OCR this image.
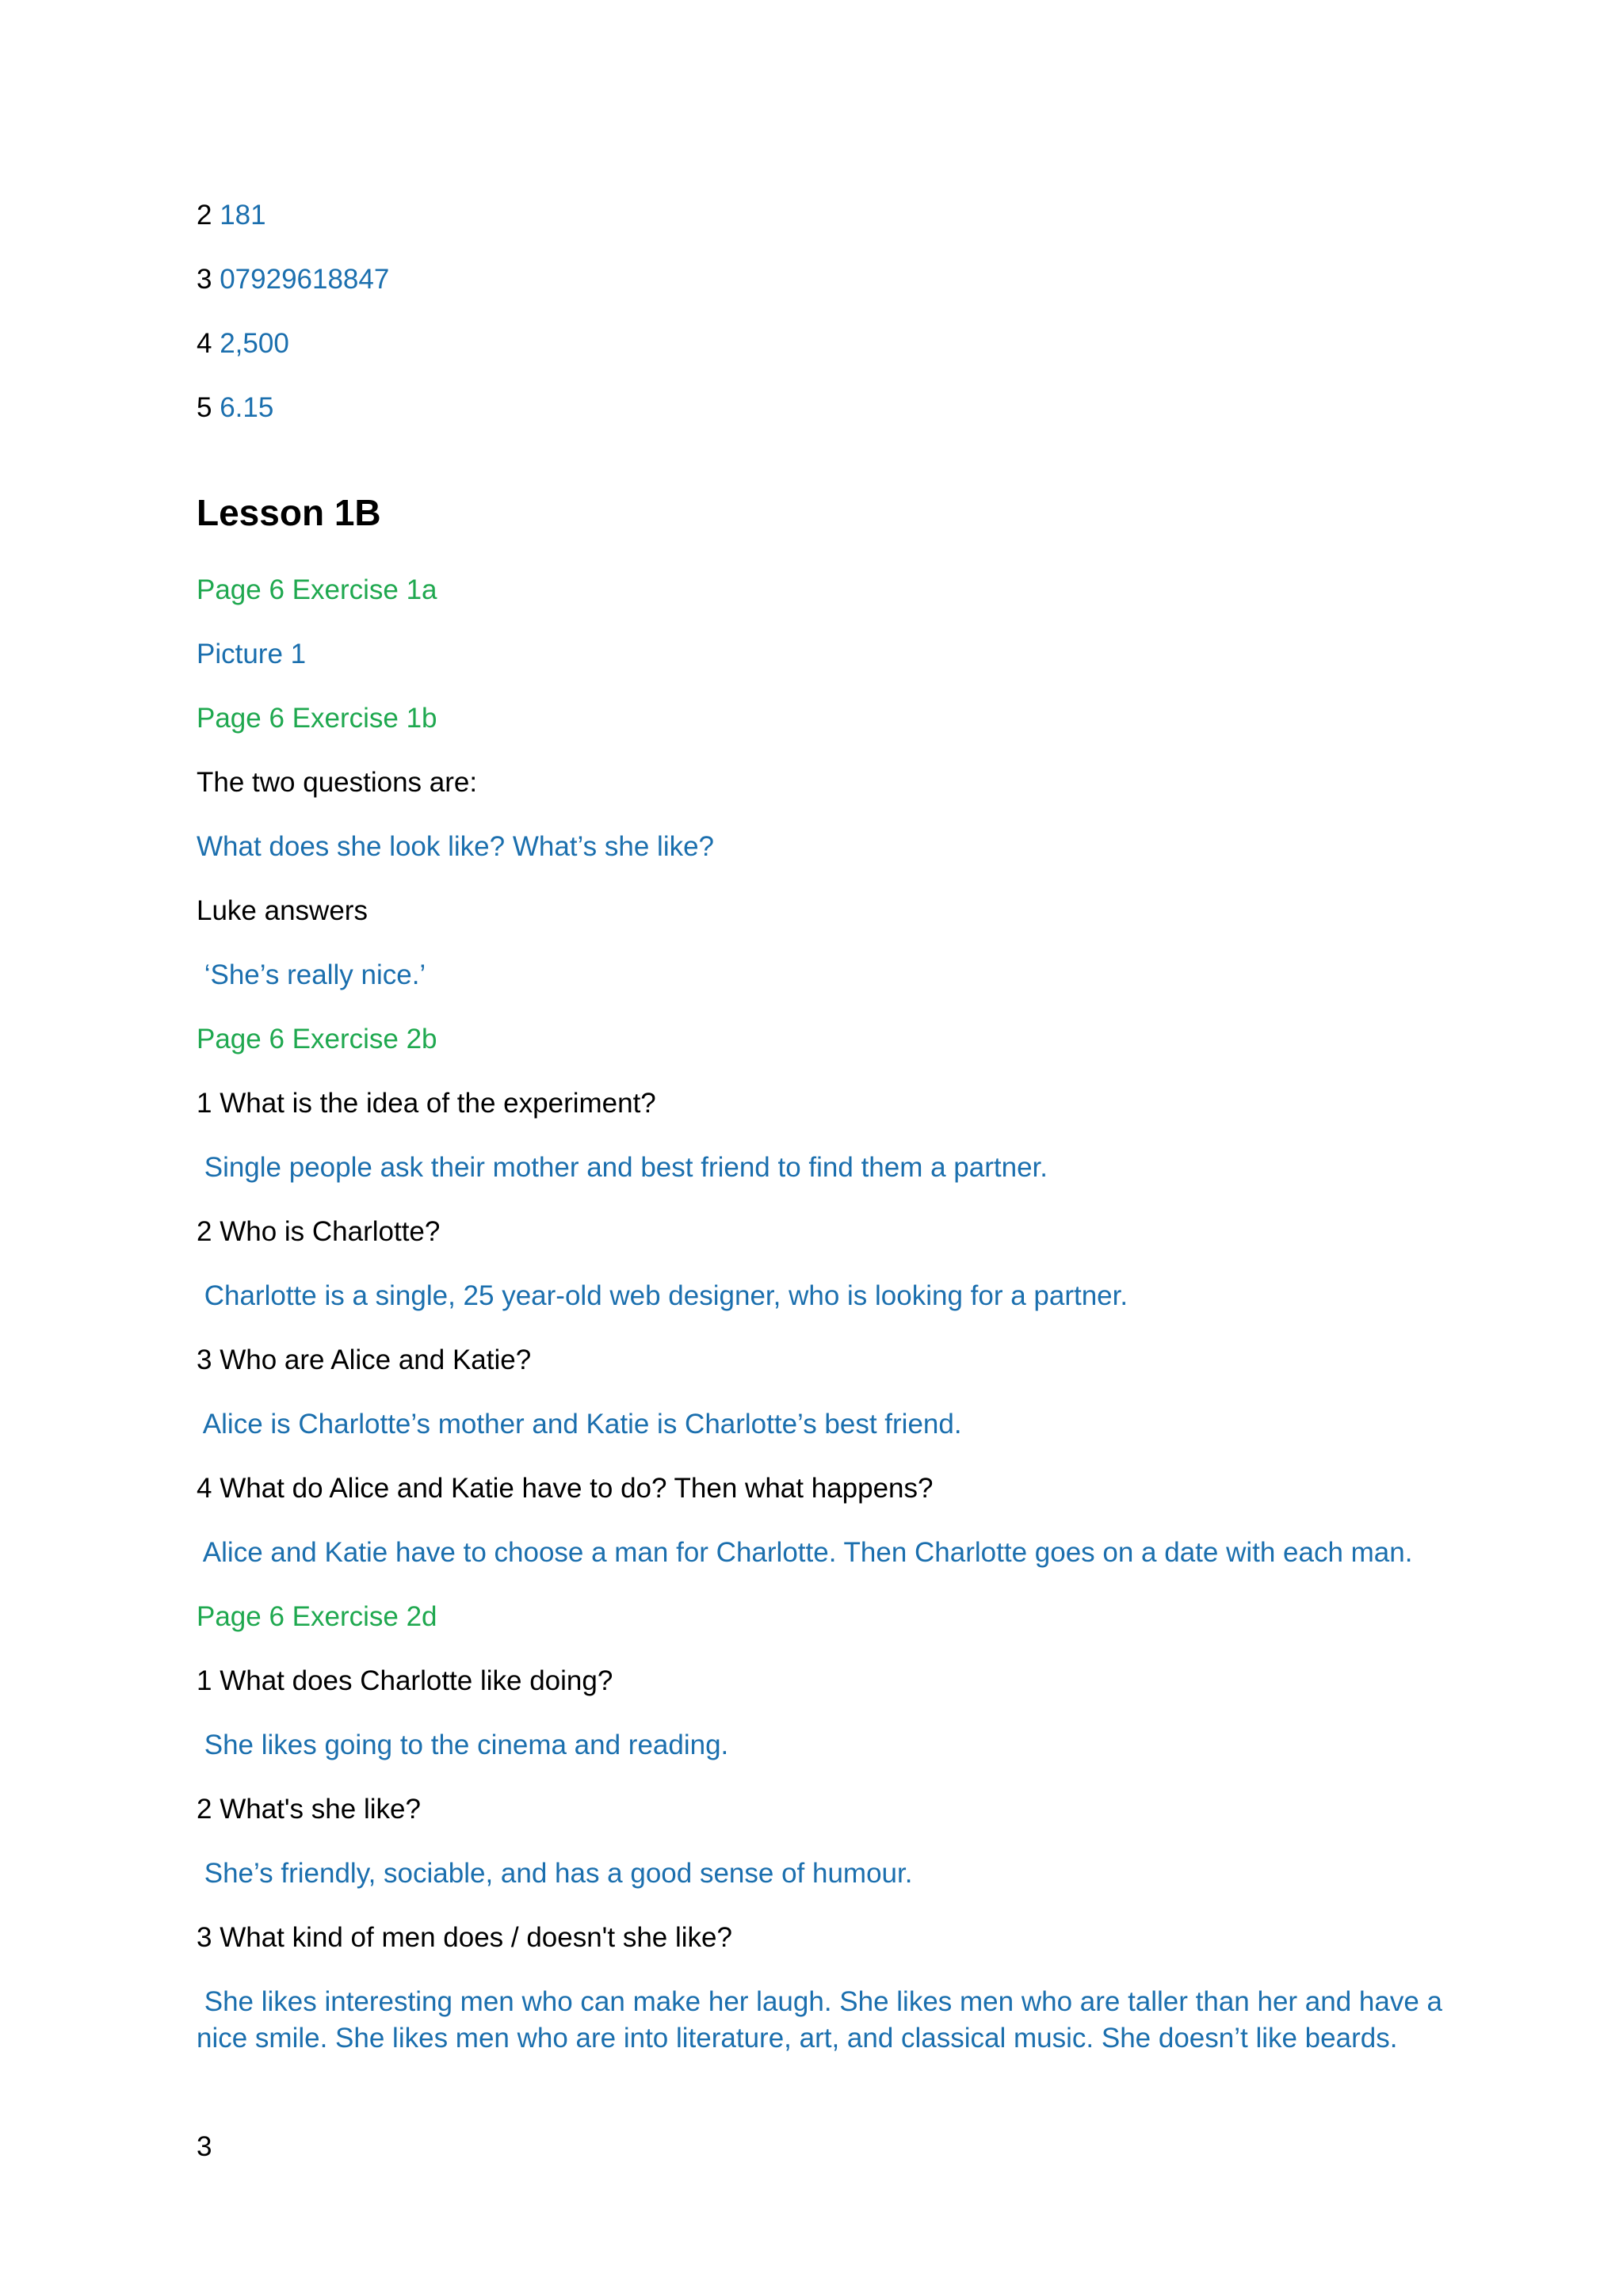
2 181
3 07929618847
4 2,500
5 6.15
Lesson 1B
Page 6 Exercise 1a
Picture 1
Page 6 Exercise 1b
The two questions are:
What does she look like? What’s she like?
Luke answers
‘She’s really nice.’
Page 6 Exercise 2b
1 What is the idea of the experiment?
Single people ask their mother and best friend to find them a partner.
2 Who is Charlotte?
Charlotte is a single, 25 year-old web designer, who is looking for a partner.
3 Who are Alice and Katie?
Alice is Charlotte’s mother and Katie is Charlotte’s best friend.
4 What do Alice and Katie have to do? Then what happens?
Alice and Katie have to choose a man for Charlotte. Then Charlotte goes on a date with each man.
Page 6 Exercise 2d
1 What does Charlotte like doing?
She likes going to the cinema and reading.
2 What's she like?
She’s friendly, sociable, and has a good sense of humour.
3 What kind of men does / doesn't she like?
She likes interesting men who can make her laugh. She likes men who are taller than her and have a
nice smile. She likes men who are into literature, art, and classical music. She doesn’t like beards.
3
